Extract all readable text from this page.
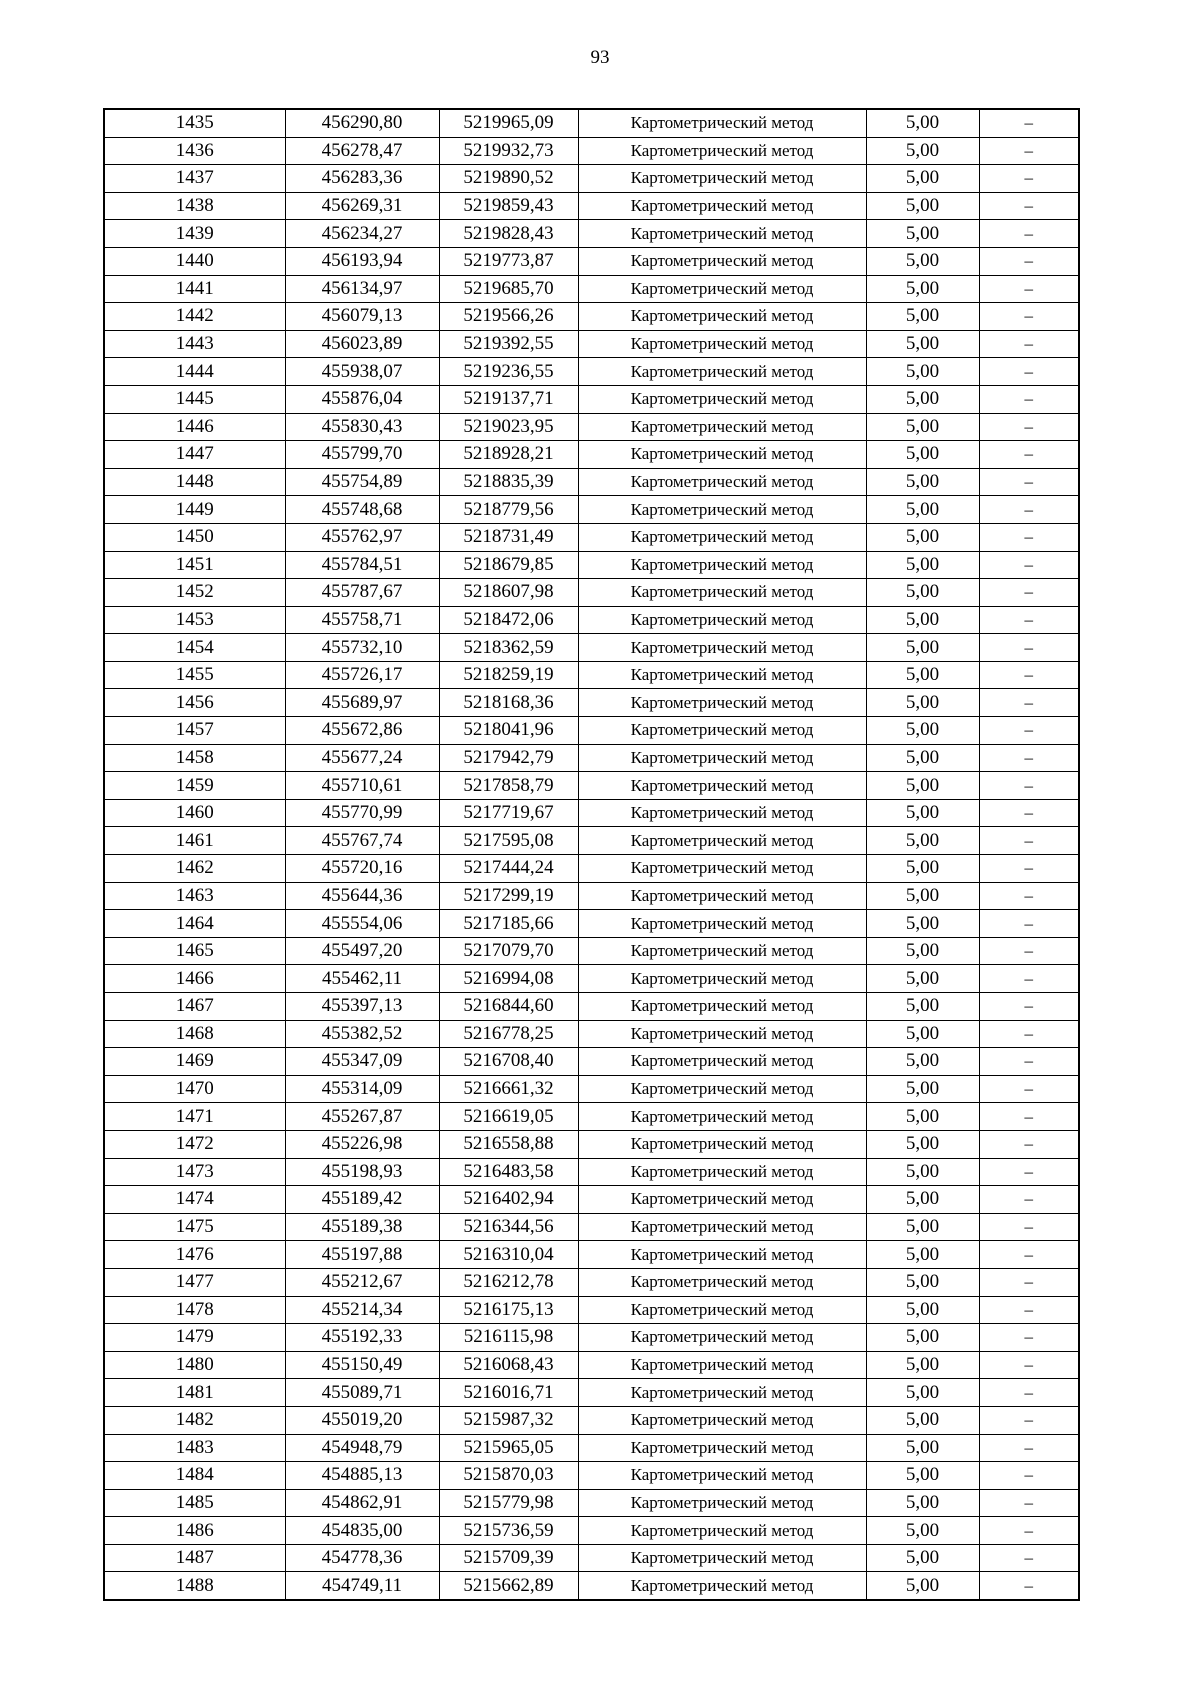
93
1435	456290,80	5219965,09	Картометрический метод	5,00	–
1436	456278,47	5219932,73	Картометрический метод	5,00	–
1437	456283,36	5219890,52	Картометрический метод	5,00	–
1438	456269,31	5219859,43	Картометрический метод	5,00	–
1439	456234,27	5219828,43	Картометрический метод	5,00	–
1440	456193,94	5219773,87	Картометрический метод	5,00	–
1441	456134,97	5219685,70	Картометрический метод	5,00	–
1442	456079,13	5219566,26	Картометрический метод	5,00	–
1443	456023,89	5219392,55	Картометрический метод	5,00	–
1444	455938,07	5219236,55	Картометрический метод	5,00	–
1445	455876,04	5219137,71	Картометрический метод	5,00	–
1446	455830,43	5219023,95	Картометрический метод	5,00	–
1447	455799,70	5218928,21	Картометрический метод	5,00	–
1448	455754,89	5218835,39	Картометрический метод	5,00	–
1449	455748,68	5218779,56	Картометрический метод	5,00	–
1450	455762,97	5218731,49	Картометрический метод	5,00	–
1451	455784,51	5218679,85	Картометрический метод	5,00	–
1452	455787,67	5218607,98	Картометрический метод	5,00	–
1453	455758,71	5218472,06	Картометрический метод	5,00	–
1454	455732,10	5218362,59	Картометрический метод	5,00	–
1455	455726,17	5218259,19	Картометрический метод	5,00	–
1456	455689,97	5218168,36	Картометрический метод	5,00	–
1457	455672,86	5218041,96	Картометрический метод	5,00	–
1458	455677,24	5217942,79	Картометрический метод	5,00	–
1459	455710,61	5217858,79	Картометрический метод	5,00	–
1460	455770,99	5217719,67	Картометрический метод	5,00	–
1461	455767,74	5217595,08	Картометрический метод	5,00	–
1462	455720,16	5217444,24	Картометрический метод	5,00	–
1463	455644,36	5217299,19	Картометрический метод	5,00	–
1464	455554,06	5217185,66	Картометрический метод	5,00	–
1465	455497,20	5217079,70	Картометрический метод	5,00	–
1466	455462,11	5216994,08	Картометрический метод	5,00	–
1467	455397,13	5216844,60	Картометрический метод	5,00	–
1468	455382,52	5216778,25	Картометрический метод	5,00	–
1469	455347,09	5216708,40	Картометрический метод	5,00	–
1470	455314,09	5216661,32	Картометрический метод	5,00	–
1471	455267,87	5216619,05	Картометрический метод	5,00	–
1472	455226,98	5216558,88	Картометрический метод	5,00	–
1473	455198,93	5216483,58	Картометрический метод	5,00	–
1474	455189,42	5216402,94	Картометрический метод	5,00	–
1475	455189,38	5216344,56	Картометрический метод	5,00	–
1476	455197,88	5216310,04	Картометрический метод	5,00	–
1477	455212,67	5216212,78	Картометрический метод	5,00	–
1478	455214,34	5216175,13	Картометрический метод	5,00	–
1479	455192,33	5216115,98	Картометрический метод	5,00	–
1480	455150,49	5216068,43	Картометрический метод	5,00	–
1481	455089,71	5216016,71	Картометрический метод	5,00	–
1482	455019,20	5215987,32	Картометрический метод	5,00	–
1483	454948,79	5215965,05	Картометрический метод	5,00	–
1484	454885,13	5215870,03	Картометрический метод	5,00	–
1485	454862,91	5215779,98	Картометрический метод	5,00	–
1486	454835,00	5215736,59	Картометрический метод	5,00	–
1487	454778,36	5215709,39	Картометрический метод	5,00	–
1488	454749,11	5215662,89	Картометрический метод	5,00	–
